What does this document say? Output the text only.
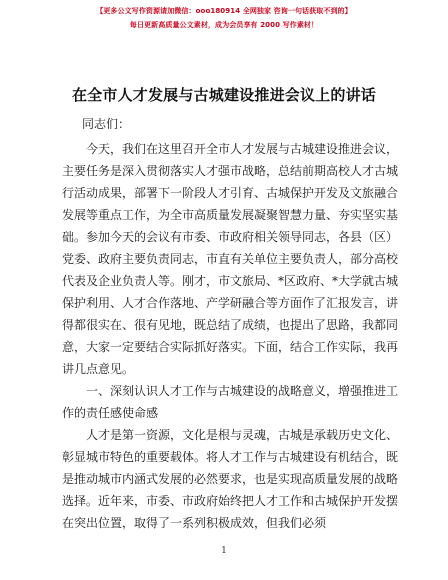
【更多公文写作资源请加微信：ooo180914 全网独家 咨询一句话获取不到的】
每日更新高质量公文素材，成为会员享有 2000 写作素材！
在全市人才发展与古城建设推进会议上的讲话

同志们：

今天，我们在这里召开全市人才发展与古城建设推进会议，主要任务是深入贯彻落实人才强市战略，总结前期高校人才古城行活动成果，部署下一阶段人才引育、古城保护开发及文旅融合发展等重点工作，为全市高质量发展凝聚智慧力量、夯实坚实基础。参加今天的会议有市委、市政府相关领导同志，各县（区）党委、政府主要负责同志，市直有关单位主要负责人，部分高校代表及企业负责人等。刚才，市文旅局、*区政府、*大学就古城保护利用、人才合作落地、产学研融合等方面作了汇报发言，讲得都很实在、很有见地，既总结了成绩，也提出了思路，我都同意，大家一定要结合实际抓好落实。下面，结合工作实际，我再讲几点意见。

一、深刻认识人才工作与古城建设的战略意义，增强推进工作的责任感使命感

人才是第一资源，文化是根与灵魂，古城是承载历史文化、彰显城市特色的重要载体。将人才工作与古城建设有机结合，既是推动城市内涵式发展的必然要求，也是实现高质量发展的战略选择。近年来，市委、市政府始终把人才工作和古城保护开发摆在突出位置，取得了一系列积极成效，但我们必须

1
